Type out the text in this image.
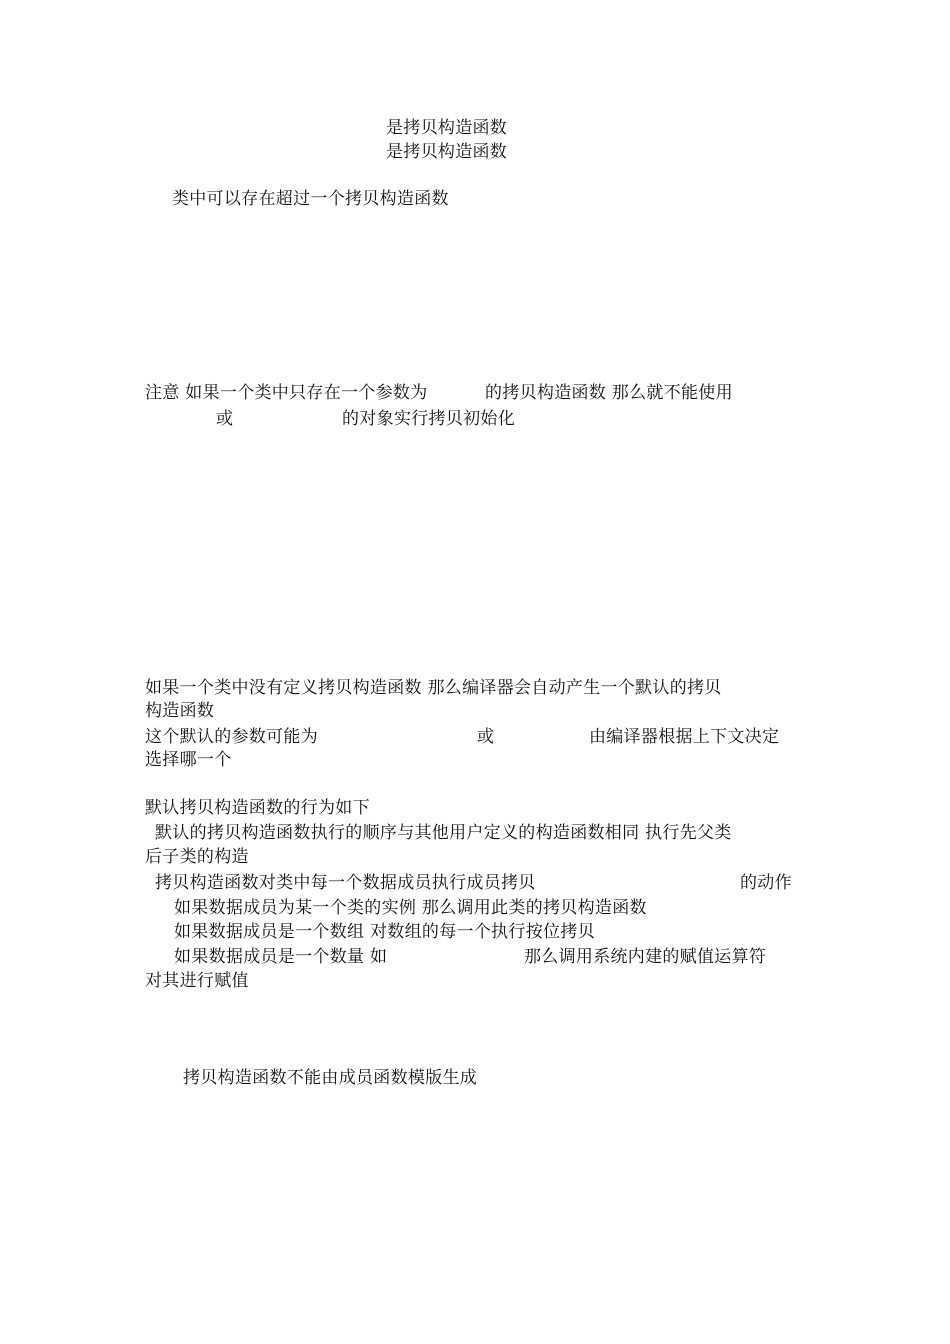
是拷贝构造函数
是拷贝构造函数
类中可以存在超过一个拷贝构造函数
注意 如果一个类中只存在一个参数为	的拷贝构造函数 那么就不能使用
或	的对象实行拷贝初始化
如果一个类中没有定义拷贝构造函数 那么编译器会自动产生一个默认的拷贝
构造函数
这个默认的参数可能为	或	由编译器根据上下文决定
选择哪一个
默认拷贝构造函数的行为如下
默认的拷贝构造函数执行的顺序与其他用户定义的构造函数相同 执行先父类
后子类的构造
拷贝构造函数对类中每一个数据成员执行成员拷贝	的动作
如果数据成员为某一个类的实例 那么调用此类的拷贝构造函数
如果数据成员是一个数组 对数组的每一个执行按位拷贝
如果数据成员是一个数量 如	那么调用系统内建的赋值运算符
对其进行赋值
拷贝构造函数不能由成员函数模版生成
